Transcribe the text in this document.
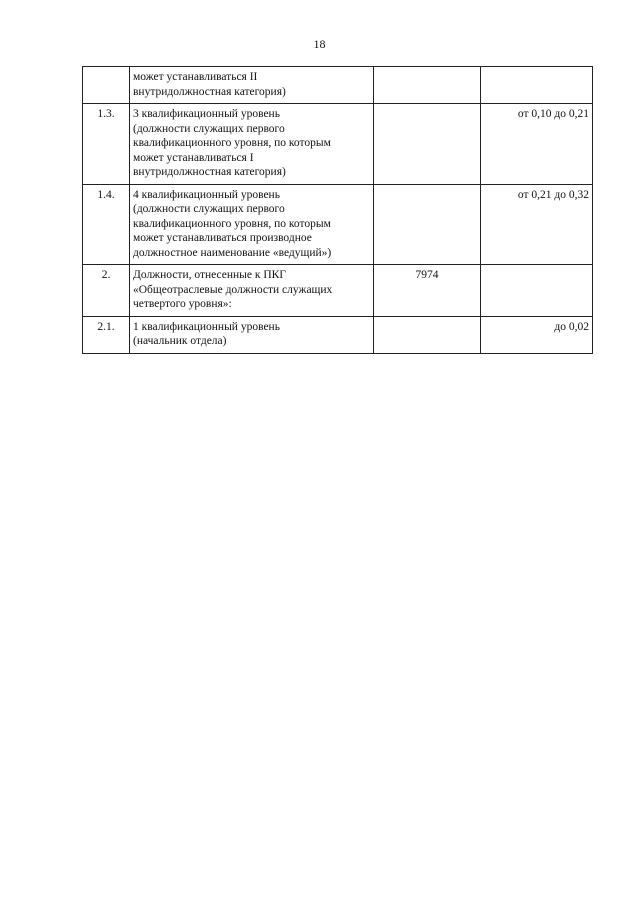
18

	может устанавливаться II
внутридолжностная категория)		

1.3.	3 квалификационный уровень
(должности служащих первого
квалификационного уровня, по которым
может устанавливаться I
внутридолжностная категория)		от 0,10 до 0,21
1.4.	4 квалификационный уровень
(должности служащих первого
квалификационного уровня, по которым
может устанавливаться производное
должностное наименование «ведущий»)		от 0,21 до 0,32
2.	Должности, отнесенные к ПКГ
«Общеотраслевые должности служащих
четвертого уровня»:	7974	
2.1.	1 квалификационный уровень
(начальник отдела)		до 0,02
